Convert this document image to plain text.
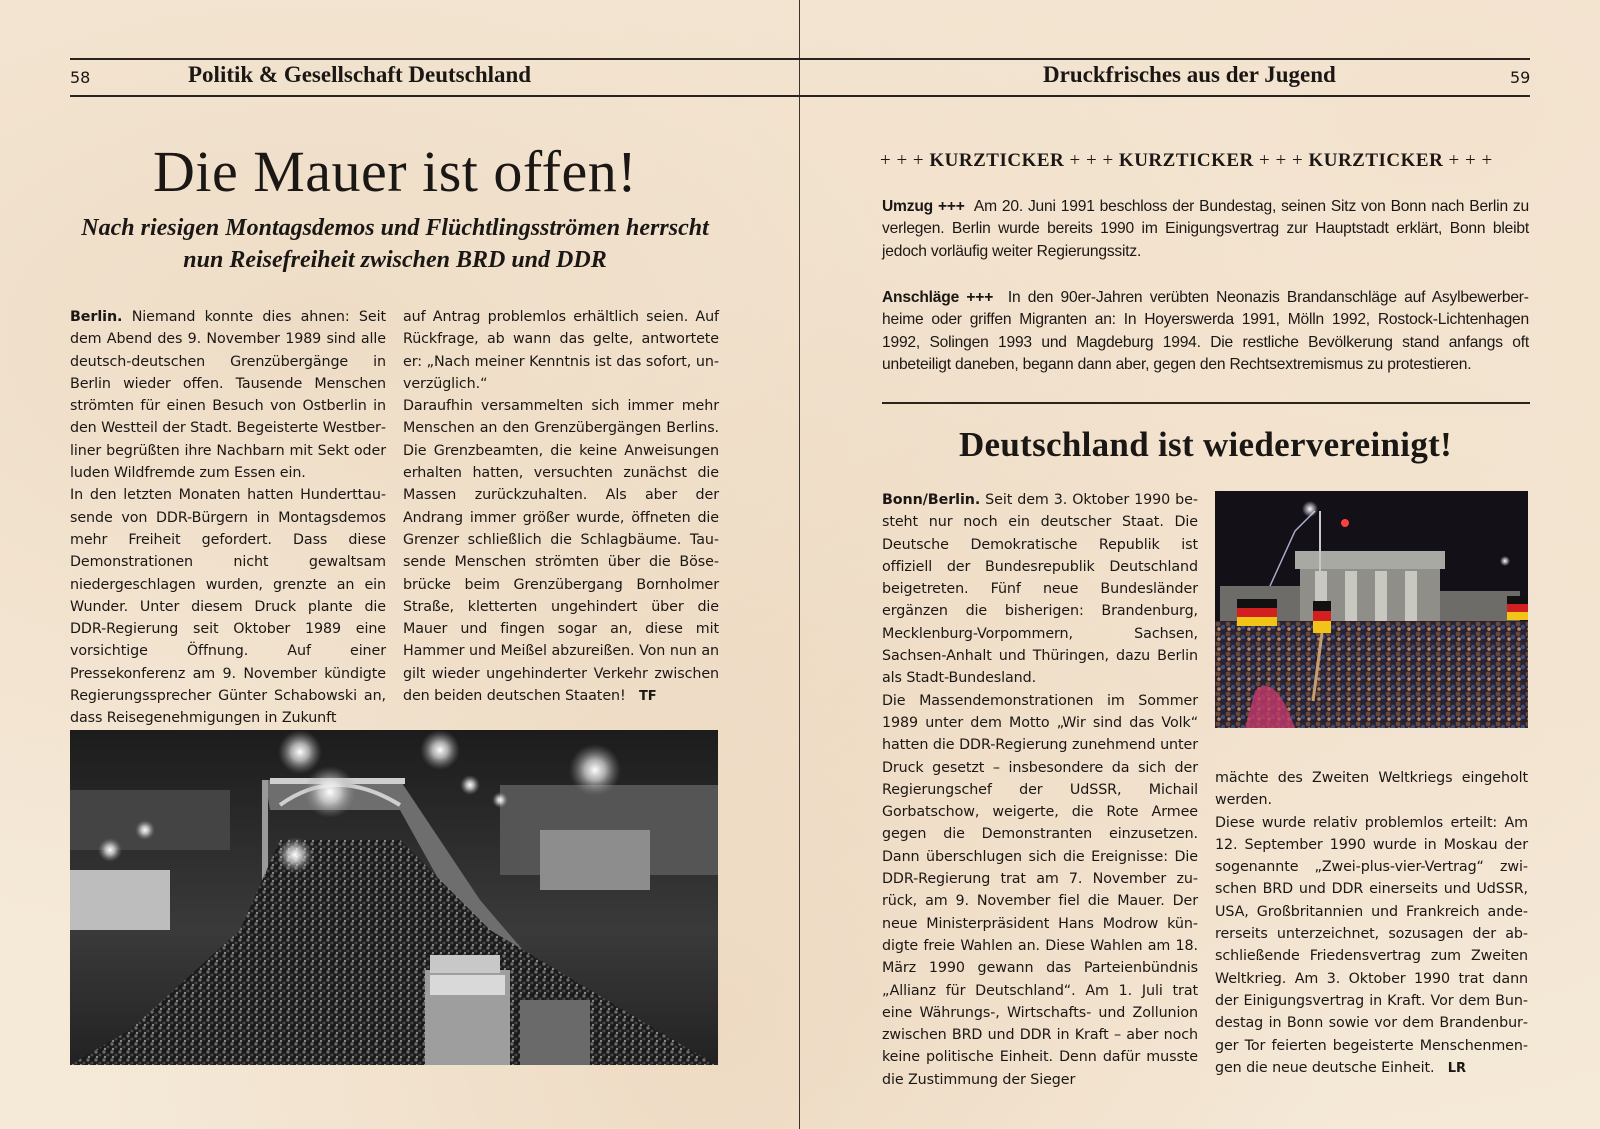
58	Politik & Gesellschaft Deutschland
Die Mauer ist offen!
Nach riesigen Montagsdemos und Flüchtlingsströmen herrscht nun Reisefreiheit zwischen BRD und DDR

Berlin. Niemand konnte dies ahnen: Seit dem Abend des 9. November 1989 sind alle deutsch-deutschen Grenzübergänge in Berlin wieder offen. Tausende Menschen strömten für einen Besuch von Ostberlin in den Westteil der Stadt. Begeisterte Westberliner begrüßten ihre Nachbarn mit Sekt oder luden Wildfremde zum Essen ein.

In den letzten Monaten hatten Hunderttausende von DDR-Bürgern in Montagsdemos mehr Freiheit gefordert. Dass diese Demonstrationen nicht gewaltsam niedergeschlagen wurden, grenzte an ein Wunder. Unter diesem Druck plante die DDR-Regierung seit Oktober 1989 eine vorsichtige Öffnung. Auf einer Pressekonferenz am 9. November kündigte Regierungssprecher Günter Schabowski an, dass Reisegenehmigungen in Zukunft

auf Antrag problemlos erhältlich seien. Auf Rückfrage, ab wann das gelte, antwortete er: „Nach meiner Kenntnis ist das sofort, unverzüglich.“

Daraufhin versammelten sich immer mehr Menschen an den Grenzübergängen Berlins. Die Grenzbeamten, die keine Anweisungen erhalten hatten, versuchten zunächst die Massen zurückzuhalten. Als aber der Andrang immer größer wurde, öffneten die Grenzer schließlich die Schlagbäume. Tausende Menschen strömten über die Bösebrücke beim Grenzübergang Bornholmer Straße, kletterten ungehindert über die Mauer und fingen sogar an, diese mit Hammer und Meißel abzureißen. Von nun an gilt wieder ungehinderter Verkehr zwischen den beiden deutschen Staaten! TF

Druckfrisches aus der Jugend	59
+ + + KURZTICKER + + + KURZTICKER + + + KURZTICKER + + +
Umzug +++ Am 20. Juni 1991 beschloss der Bundestag, seinen Sitz von Bonn nach Berlin zu verlegen. Berlin wurde bereits 1990 im Einigungsvertrag zur Hauptstadt erklärt, Bonn bleibt jedoch vorläufig weiter Regierungssitz.
Anschläge +++ In den 90er-Jahren verübten Neonazis Brandanschläge auf Asylbewerberheime oder griffen Migranten an: In Hoyerswerda 1991, Mölln 1992, Rostock-Lichtenhagen 1992, Solingen 1993 und Magdeburg 1994. Die restliche Bevölkerung stand anfangs oft unbeteiligt daneben, begann dann aber, gegen den Rechtsextremismus zu protestieren.
Deutschland ist wiedervereinigt!

Bonn/Berlin. Seit dem 3. Oktober 1990 besteht nur noch ein deutscher Staat. Die Deutsche Demokratische Republik ist offiziell der Bundesrepublik Deutschland beigetreten. Fünf neue Bundesländer ergänzen die bisherigen: Brandenburg, Mecklenburg-Vorpommern, Sachsen, Sachsen-Anhalt und Thüringen, dazu Berlin als Stadt-Bundesland.

Die Massendemonstrationen im Sommer 1989 unter dem Motto „Wir sind das Volk“ hatten die DDR-Regierung zunehmend unter Druck gesetzt – insbesondere da sich der Regierungschef der UdSSR, Michail Gorbatschow, weigerte, die Rote Armee gegen die Demonstranten einzusetzen. Dann überschlugen sich die Ereignisse: Die DDR-Regierung trat am 7. November zurück, am 9. November fiel die Mauer. Der neue Ministerpräsident Hans Modrow kündigte freie Wahlen an. Diese Wahlen am 18. März 1990 gewann das Parteienbündnis „Allianz für Deutschland“. Am 1. Juli trat eine Währungs-, Wirtschafts- und Zollunion zwischen BRD und DDR in Kraft – aber noch keine politische Einheit. Denn dafür musste die Zustimmung der Sieger

mächte des Zweiten Weltkriegs eingeholt werden.

Diese wurde relativ problemlos erteilt: Am 12. September 1990 wurde in Moskau der sogenannte „Zwei-plus-vier-Vertrag“ zwischen BRD und DDR einerseits und UdSSR, USA, Großbritannien und Frankreich andererseits unterzeichnet, sozusagen der abschließende Friedensvertrag zum Zweiten Weltkrieg. Am 3. Oktober 1990 trat dann der Einigungsvertrag in Kraft. Vor dem Bundestag in Bonn sowie vor dem Brandenburger Tor feierten begeisterte Menschenmengen die neue deutsche Einheit. LR
